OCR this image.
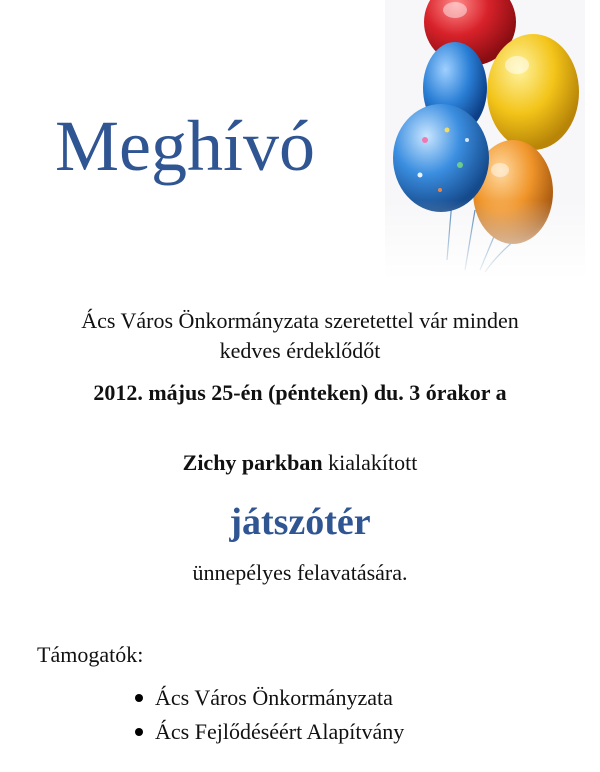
Meghívó
Ács Város Önkormányzata szeretettel vár minden
kedves érdeklődőt
2012. május 25-én (pénteken) du. 3 órakor a
Zichy parkban kialakított
játszótér
ünnepélyes felavatására.
Támogatók:
Ács Város Önkormányzata
Ács Fejlődéséért Alapítvány
